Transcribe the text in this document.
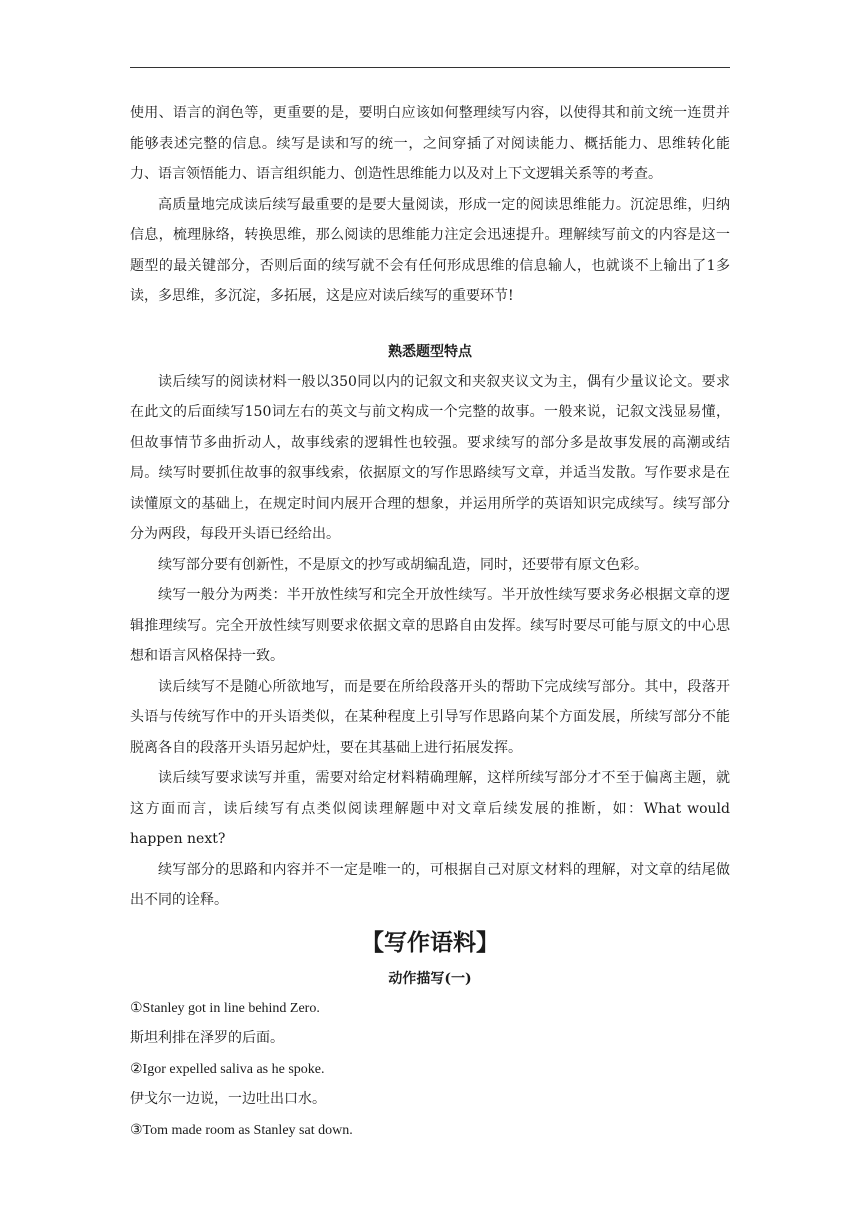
使用、语言的润色等，更重要的是，要明白应该如何整理续写内容，以使得其和前文统一连贯并能够表述完整的信息。续写是读和写的统一，之间穿插了对阅读能力、概括能力、思维转化能力、语言领悟能力、语言组织能力、创造性思维能力以及对上下文逻辑关系等的考查。

高质量地完成读后续写最重要的是要大量阅读，形成一定的阅读思维能力。沉淀思维，归纳信息，梳理脉络，转换思维，那么阅读的思维能力注定会迅速提升。理解续写前文的内容是这一题型的最关键部分，否则后面的续写就不会有任何形成思维的信息输人，也就谈不上输出了1多读，多思维，多沉淀，多拓展，这是应对读后续写的重要环节!

熟悉题型特点

读后续写的阅读材料一般以350同以内的记叙文和夹叙夹议文为主，偶有少量议论文。要求在此文的后面续写150词左右的英文与前文构成一个完整的故事。一般来说，记叙文浅显易懂，但故事情节多曲折动人，故事线索的逻辑性也较强。要求续写的部分多是故事发展的高潮或结局。续写时要抓住故事的叙事线索，依据原文的写作思路续写文章，并适当发散。写作要求是在读懂原文的基础上，在规定时间内展开合理的想象，并运用所学的英语知识完成续写。续写部分分为两段，每段开头语已经给出。

续写部分要有创新性，不是原文的抄写或胡编乱造，同时，还要带有原文色彩。

续写一般分为两类：半开放性续写和完全开放性续写。半开放性续写要求务必根据文章的逻辑推理续写。完全开放性续写则要求依据文章的思路自由发挥。续写时要尽可能与原文的中心思想和语言风格保持一致。

读后续写不是随心所欲地写，而是要在所给段落开头的帮助下完成续写部分。其中，段落开头语与传统写作中的开头语类似，在某种程度上引导写作思路向某个方面发展，所续写部分不能脱离各自的段落开头语另起炉灶，要在其基础上进行拓展发挥。

读后续写要求读写并重，需要对给定材料精确理解，这样所续写部分才不至于偏离主题，就这方面而言，读后续写有点类似阅读理解题中对文章后续发展的推断，如：What would happen next?

续写部分的思路和内容并不一定是唯一的，可根据自己对原文材料的理解，对文章的结尾做出不同的诠释。

【写作语料】
动作描写(一)

①Stanley got in line behind Zero.

斯坦利排在泽罗的后面。

②Igor expelled saliva as he spoke.

伊戈尔一边说，一边吐出口水。

③Tom made room as Stanley sat down.
